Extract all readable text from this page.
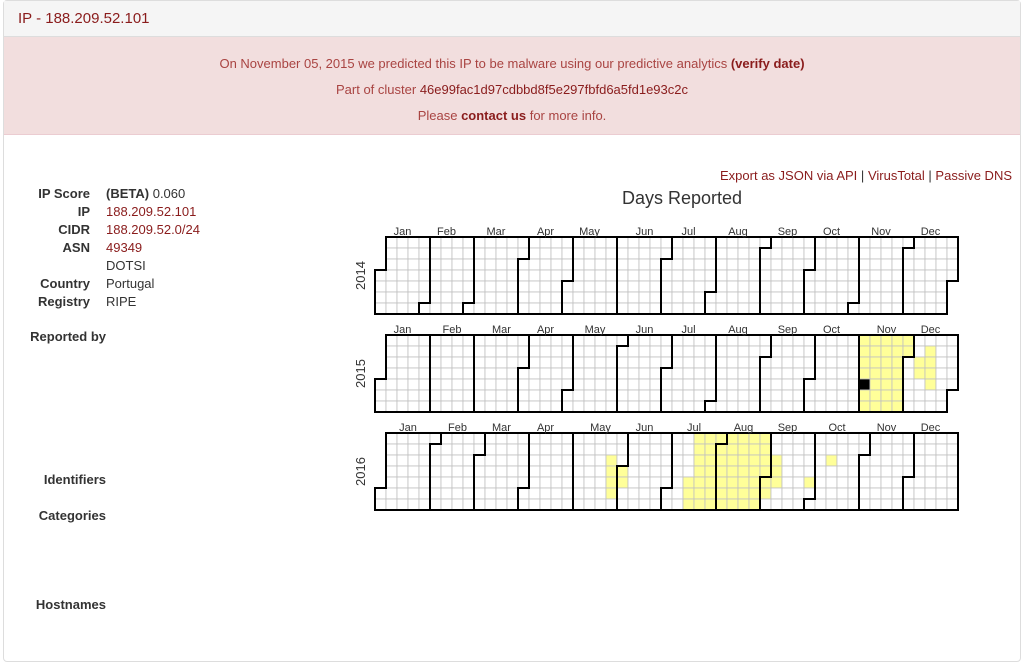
IP - 188.209.52.101
On November 05, 2015 we predicted this IP to be malware using our predictive analytics (verify date)
Part of cluster 46e99fac1d97cdbbd8f5e297fbfd6a5fd1e93c2c
Please contact us for more info.
Export as JSON via API | VirusTotal | Passive DNS
IP Score	(BETA) 0.060
IP	188.209.52.101
CIDR	188.209.52.0/24
ASN	49349
DOTSI
Country	Portugal
Registry	RIPE
Reported by
Identifiers
Categories
Hostnames
Days Reported
2014
Jan Feb	Mar	Apr May	Jun	Jul	Aug	Sep Oct	Nov	Dec
2015
Jan	Feb	Mar Apr	May	Jun	Jul	Aug	Sep Oct	Nov Dec
2016
Jan	Feb Mar Apr	May Jun	Jul	Aug Sep	Oct	Nov Dec
